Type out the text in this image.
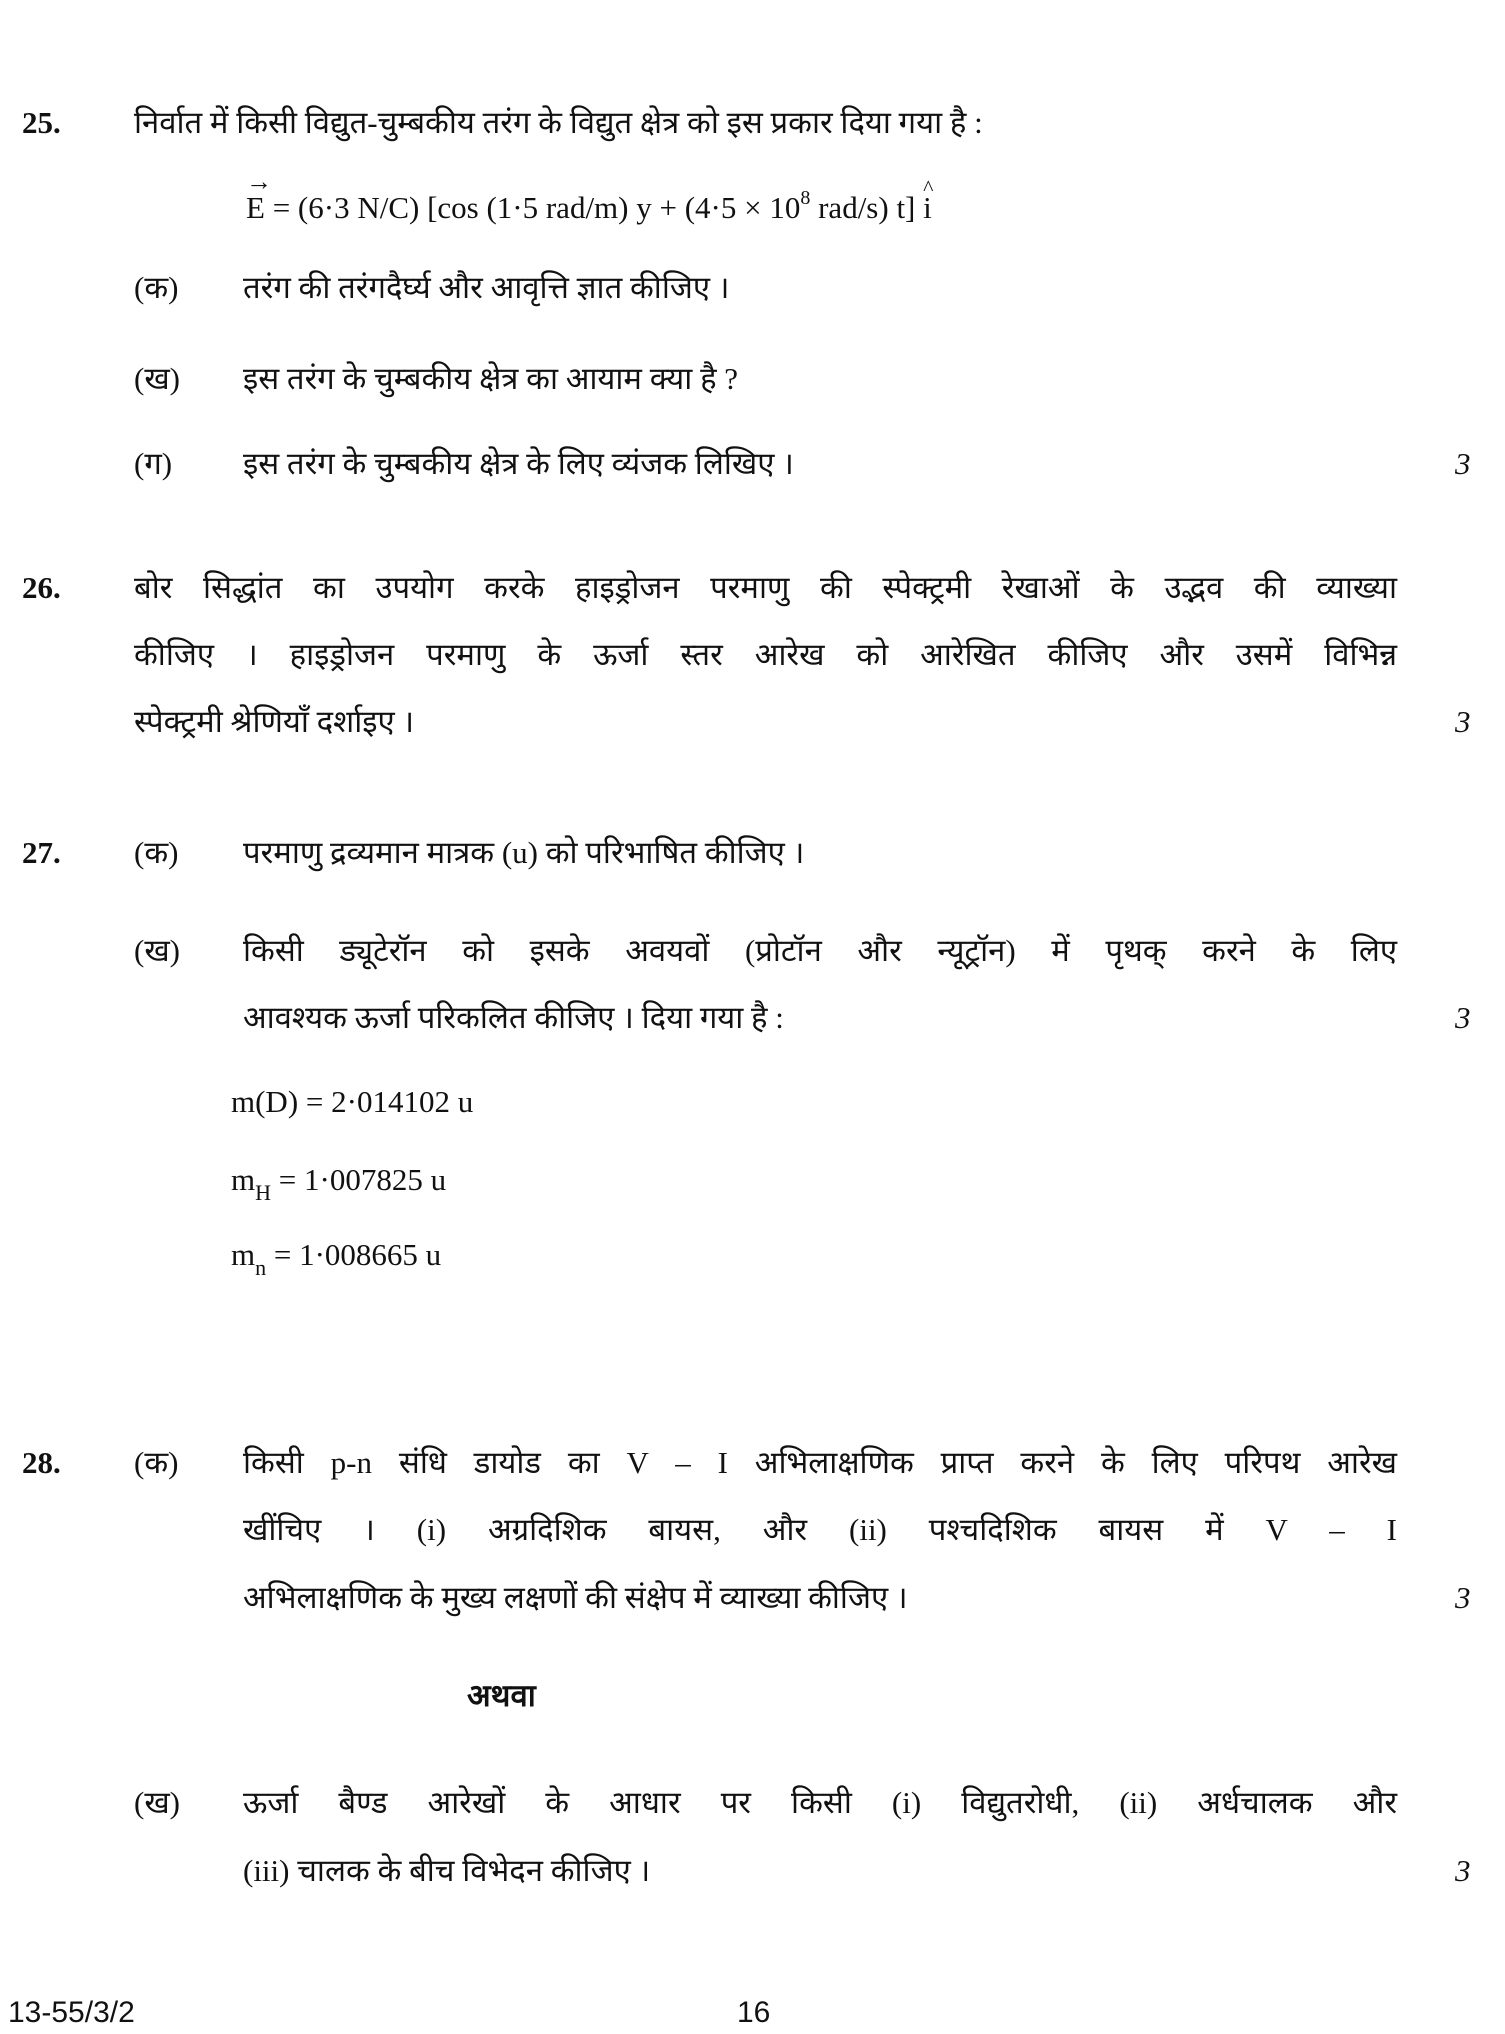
25. निर्वात में किसी विद्युत-चुम्बकीय तरंग के विद्युत क्षेत्र को इस प्रकार दिया गया है :
→ E = (6·3 N/C) [cos (1·5 rad/m) $y + (4\cdot 5 \times 10^8$ rad/s) t] ^ i
(क) तरंग की तरंगदैर्घ्य और आवृत्ति ज्ञात कीजिए ।
(ख) इस तरंग के चुम्बकीय क्षेत्र का आयाम क्या है ?
(ग) इस तरंग के चुम्बकीय क्षेत्र के लिए व्यंजक लिखिए ।	3
26. बोर सिद्धांत का उपयोग करके हाइड्रोजन परमाणु की स्पेक्ट्रमी रेखाओं के उद्भव की व्याख्या
कीजिए । हाइड्रोजन परमाणु के ऊर्जा स्तर आरेख को आरेखित कीजिए और उसमें विभिन्न
स्पेक्ट्रमी श्रेणियाँ दर्शाइए ।	3
27. (क) परमाणु द्रव्यमान मात्रक (u) को परिभाषित कीजिए ।
(ख) किसी ड्यूटेरॉन को इसके अवयवों (प्रोटॉन और न्यूट्रॉन) में पृथक् करने के लिए
आवश्यक ऊर्जा परिकलित कीजिए । दिया गया है :	3
m(D) = 2·014102 u
$m_H = 1\cdot 007825$ u
$m_n = 1\cdot 008665$ u
28. (क) किसी p-n संधि डायोड का V – I अभिलाक्षणिक प्राप्त करने के लिए परिपथ आरेख
खींचिए । (i) अग्रदिशिक बायस, और (ii) पश्चदिशिक बायस में V – I
अभिलाक्षणिक के मुख्य लक्षणों की संक्षेप में व्याख्या कीजिए ।	3
अथवा
(ख) ऊर्जा बैण्ड आरेखों के आधार पर किसी (i) विद्युतरोधी, (ii) अर्धचालक और
(iii) चालक के बीच विभेदन कीजिए ।	3
13-55/3/2	16
